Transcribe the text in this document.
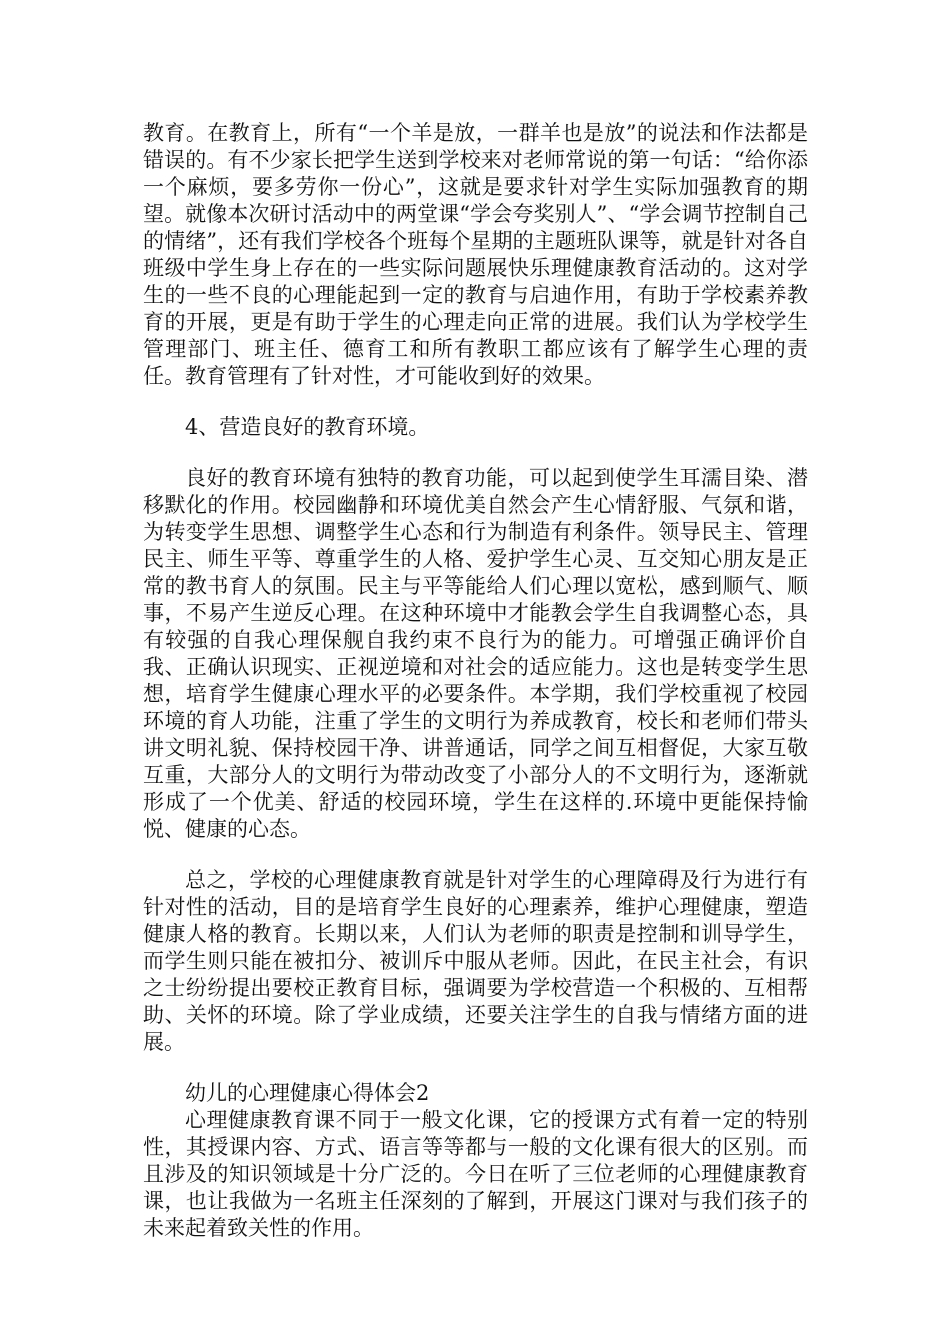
教育。在教育上，所有“一个羊是放，一群羊也是放”的说法和作法都是错误的。有不少家长把学生送到学校来对老师常说的第一句话：“给你添一个麻烦，要多劳你一份心”，这就是要求针对学生实际加强教育的期望。就像本次研讨活动中的两堂课“学会夸奖别人”、“学会调节控制自己的情绪”，还有我们学校各个班每个星期的主题班队课等，就是针对各自班级中学生身上存在的一些实际问题展快乐理健康教育活动的。这对学生的一些不良的心理能起到一定的教育与启迪作用，有助于学校素养教育的开展，更是有助于学生的心理走向正常的进展。我们认为学校学生管理部门、班主任、德育工和所有教职工都应该有了解学生心理的责任。教育管理有了针对性，才可能收到好的效果。

4、营造良好的教育环境。

良好的教育环境有独特的教育功能，可以起到使学生耳濡目染、潜移默化的作用。校园幽静和环境优美自然会产生心情舒服、气氛和谐，为转变学生思想、调整学生心态和行为制造有利条件。领导民主、管理民主、师生平等、尊重学生的人格、爱护学生心灵、互交知心朋友是正常的教书育人的氛围。民主与平等能给人们心理以宽松，感到顺气、顺事，不易产生逆反心理。在这种环境中才能教会学生自我调整心态，具有较强的自我心理保舰自我约束不良行为的能力。可增强正确评价自我、正确认识现实、正视逆境和对社会的适应能力。这也是转变学生思想，培育学生健康心理水平的必要条件。本学期，我们学校重视了校园环境的育人功能，注重了学生的文明行为养成教育，校长和老师们带头讲文明礼貌、保持校园干净、讲普通话，同学之间互相督促，大家互敬互重，大部分人的文明行为带动改变了小部分人的不文明行为，逐渐就形成了一个优美、舒适的校园环境，学生在这样的.环境中更能保持愉悦、健康的心态。

总之，学校的心理健康教育就是针对学生的心理障碍及行为进行有针对性的活动，目的是培育学生良好的心理素养，维护心理健康，塑造健康人格的教育。长期以来，人们认为老师的职责是控制和训导学生，而学生则只能在被扣分、被训斥中服从老师。因此，在民主社会，有识之士纷纷提出要校正教育目标，强调要为学校营造一个积极的、互相帮助、关怀的环境。除了学业成绩，还要关注学生的自我与情绪方面的进展。

幼儿的心理健康心得体会2

心理健康教育课不同于一般文化课，它的授课方式有着一定的特别性，其授课内容、方式、语言等等都与一般的文化课有很大的区别。而且涉及的知识领域是十分广泛的。今日在听了三位老师的心理健康教育课，也让我做为一名班主任深刻的了解到，开展这门课对与我们孩子的未来起着致关性的作用。
